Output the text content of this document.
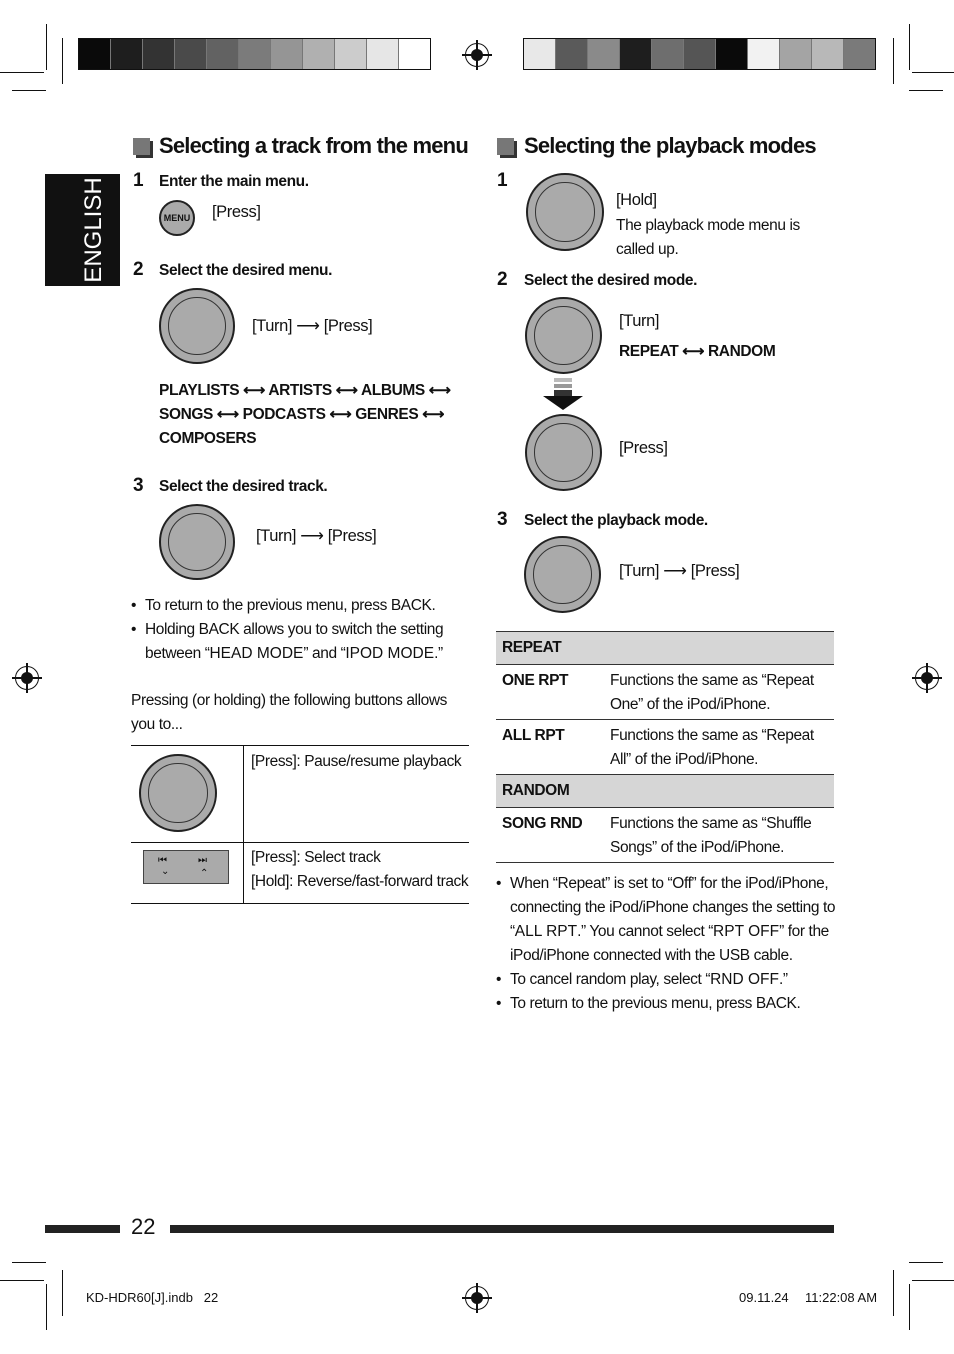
ENGLISH
Selecting a track from the menu
1 Enter the main menu.
MENU [Press]
2 Select the desired menu.
[Turn] ⟶ [Press]
PLAYLISTS ⟷ ARTISTS ⟷ ALBUMS ⟷
SONGS ⟷ PODCASTS ⟷ GENRES ⟷
COMPOSERS
3 Select the desired track.
[Turn] ⟶ [Press]
• To return to the previous menu, press BACK.
• Holding BACK allows you to switch the setting between “HEAD MODE” and “IPOD MODE.”
Pressing (or holding) the following buttons allows you to...
[Press]: Pause/resume playback
⏮
⌄
⏭
⌃
[Press]: Select track
[Hold]: Reverse/fast-forward track
Selecting the playback modes
1
[Hold]
The playback mode menu is called up.
2 Select the desired mode.
[Turn]
REPEAT ⟷ RANDOM
[Press]
3 Select the playback mode.
[Turn] ⟶ [Press]
REPEAT	
ONE RPT	Functions the same as “Repeat One” of the iPod/iPhone.
ALL RPT	Functions the same as “Repeat All” of the iPod/iPhone.
RANDOM	
SONG RND	Functions the same as “Shuffle Songs” of the iPod/iPhone.
• When “Repeat” is set to “Off” for the iPod/iPhone, connecting the iPod/iPhone changes the setting to “ALL RPT.” You cannot select “RPT OFF” for the iPod/iPhone connected with the USB cable.
• To cancel random play, select “RND OFF.”
• To return to the previous menu, press BACK.
22
KD-HDR60[J].indb   22	09.11.24 11:22:08 AM
